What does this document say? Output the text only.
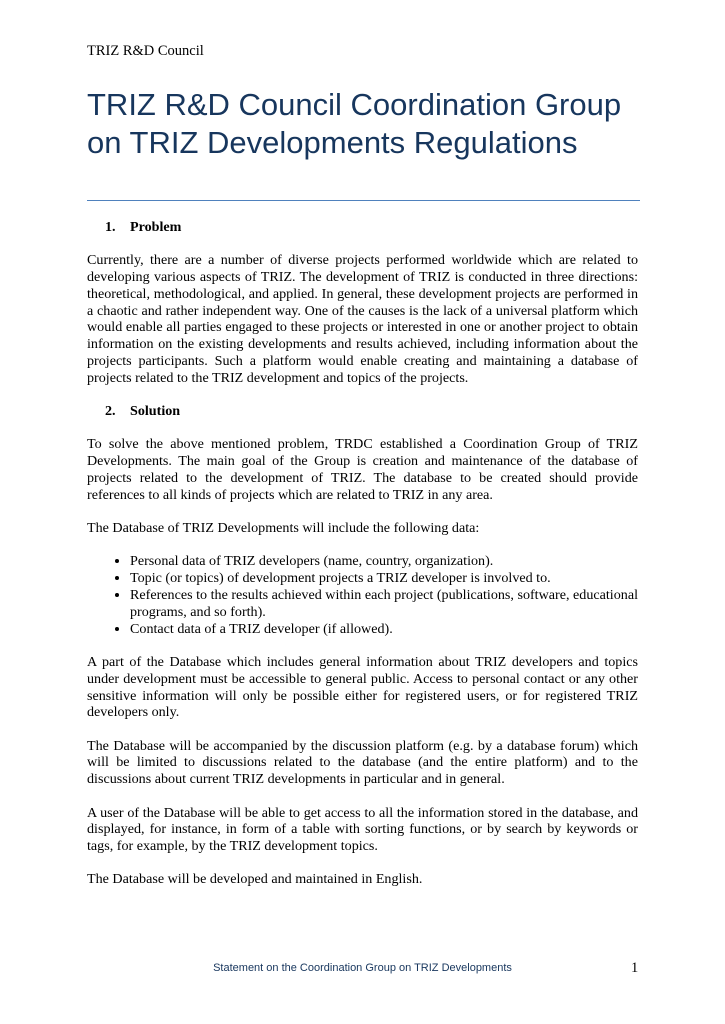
TRIZ R&D Council
TRIZ R&D Council Coordination Group on TRIZ Developments Regulations
1. Problem

Currently, there are a number of diverse projects performed worldwide which are related to developing various aspects of TRIZ. The development of TRIZ is conducted in three directions: theoretical, methodological, and applied. In general, these development projects are performed in a chaotic and rather independent way. One of the causes is the lack of a universal platform which would enable all parties engaged to these projects or interested in one or another project to obtain information on the existing developments and results achieved, including information about the projects participants. Such a platform would enable creating and maintaining a database of projects related to the TRIZ development and topics of the projects.

2. Solution

To solve the above mentioned problem, TRDC established a Coordination Group of TRIZ Developments. The main goal of the Group is creation and maintenance of the database of projects related to the development of TRIZ. The database to be created should provide references to all kinds of projects which are related to TRIZ in any area.

The Database of TRIZ Developments will include the following data:

• Personal data of TRIZ developers (name, country, organization).
• Topic (or topics) of development projects a TRIZ developer is involved to.
• References to the results achieved within each project (publications, software, educational programs, and so forth).
• Contact data of a TRIZ developer (if allowed).

A part of the Database which includes general information about TRIZ developers and topics under development must be accessible to general public. Access to personal contact or any other sensitive information will only be possible either for registered users, or for registered TRIZ developers only.

The Database will be accompanied by the discussion platform (e.g. by a database forum) which will be limited to discussions related to the database (and the entire platform) and to the discussions about current TRIZ developments in particular and in general.

A user of the Database will be able to get access to all the information stored in the database, and displayed, for instance, in form of a table with sorting functions, or by search by keywords or tags, for example, by the TRIZ development topics.

The Database will be developed and maintained in English.

Statement on the Coordination Group on TRIZ Developments	1
